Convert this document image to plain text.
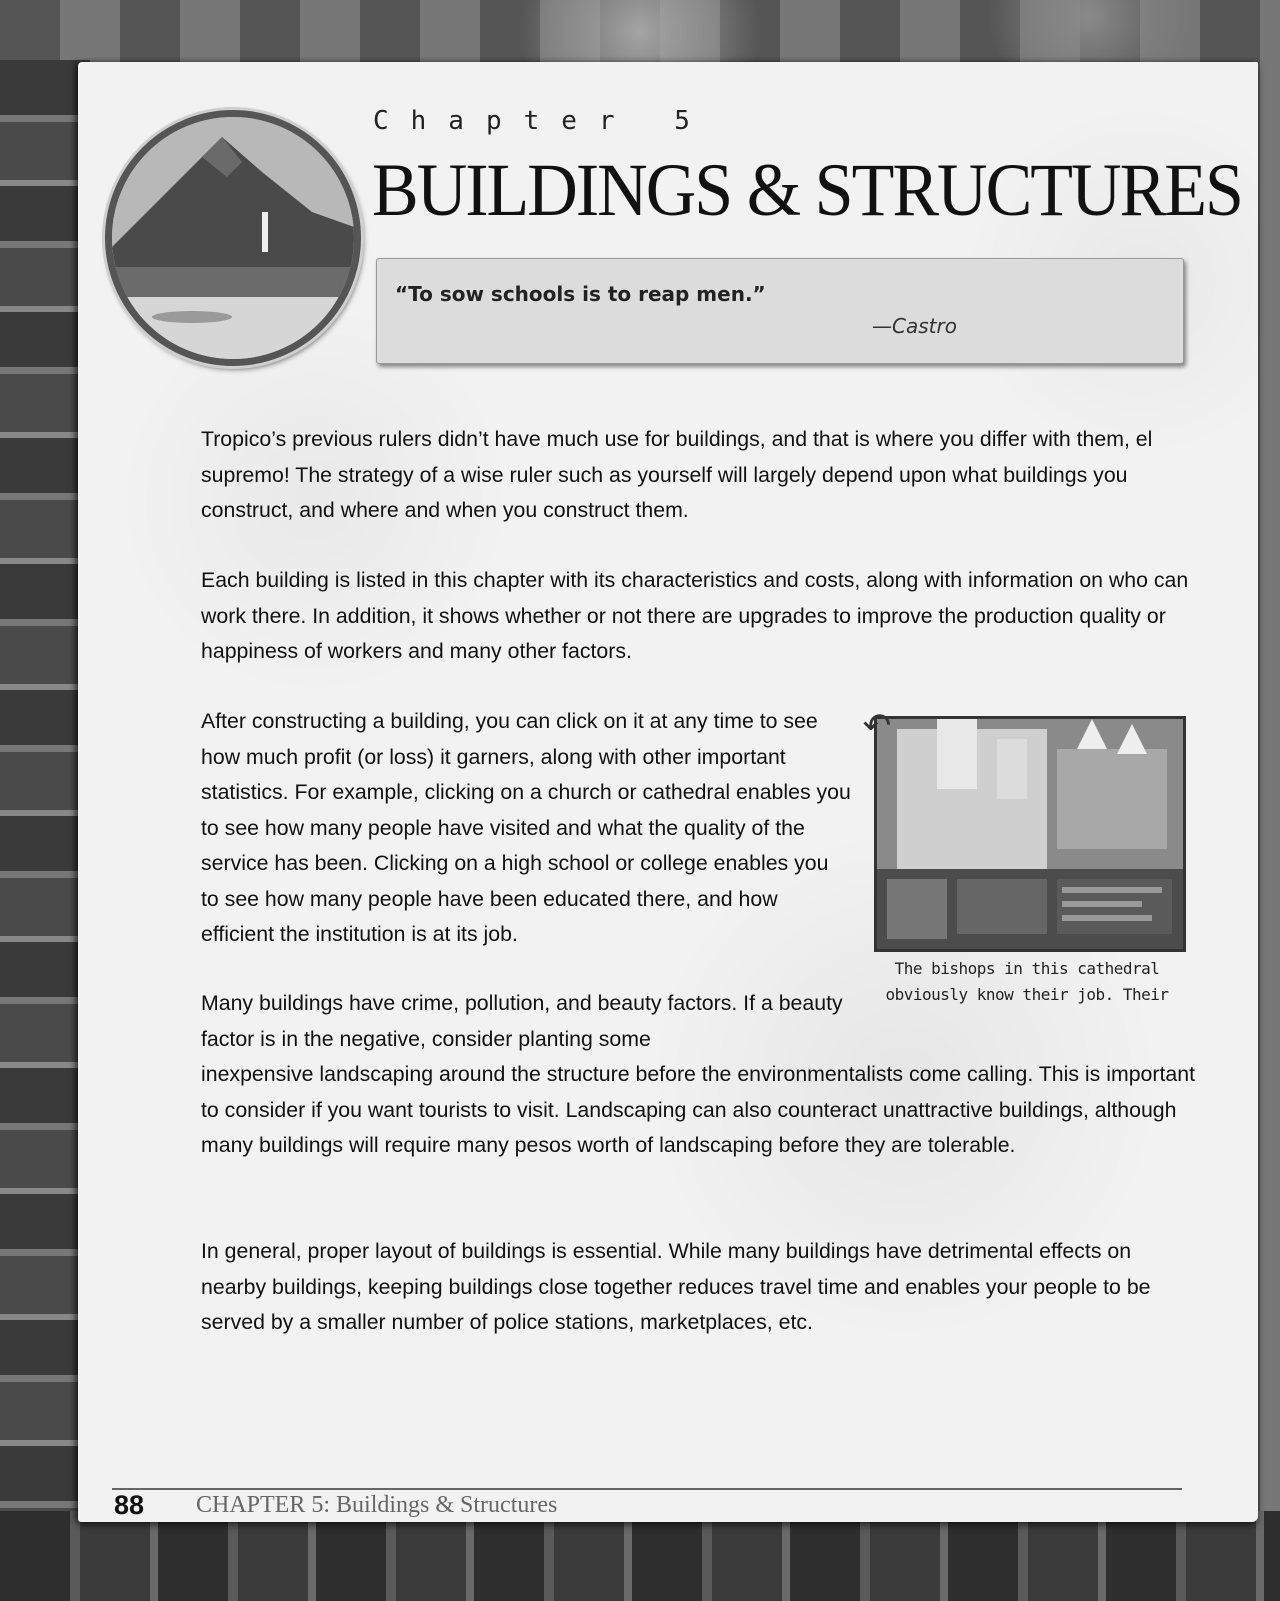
Chapter 5
BUILDINGS & STRUCTURES
“To sow schools is to reap men.”
—Castro

Tropico’s previous rulers didn’t have much use for buildings, and that is where you differ with them, el supremo! The strategy of a wise ruler such as yourself will largely depend upon what buildings you construct, and where and when you construct them.

Each building is listed in this chapter with its characteristics and costs, along with information on who can work there. In addition, it shows whether or not there are upgrades to improve the production quality or happiness of workers and many other factors.

After constructing a building, you can click on it at any time to see how much profit (or loss) it garners, along with other important statistics. For example, clicking on a church or cathedral enables you to see how many people have visited and what the quality of the service has been. Clicking on a high school or college enables you to see how many people have been educated there, and how efficient the institution is at its job.

Many buildings have crime, pollution, and beauty factors. If a beauty factor is in the negative, consider planting some

inexpensive landscaping around the structure before the environmentalists come calling. This is important to consider if you want tourists to visit. Landscaping can also counteract unattractive buildings, although many buildings will require many pesos worth of landscaping before they are tolerable.

In general, proper layout of buildings is essential. While many buildings have detrimental effects on nearby buildings, keeping buildings close together reduces travel time and enables your people to be served by a smaller number of police stations, marketplaces, etc.

↶
The bishops in this cathedral obviously know their job. Their
88 CHAPTER 5: Buildings & Structures
